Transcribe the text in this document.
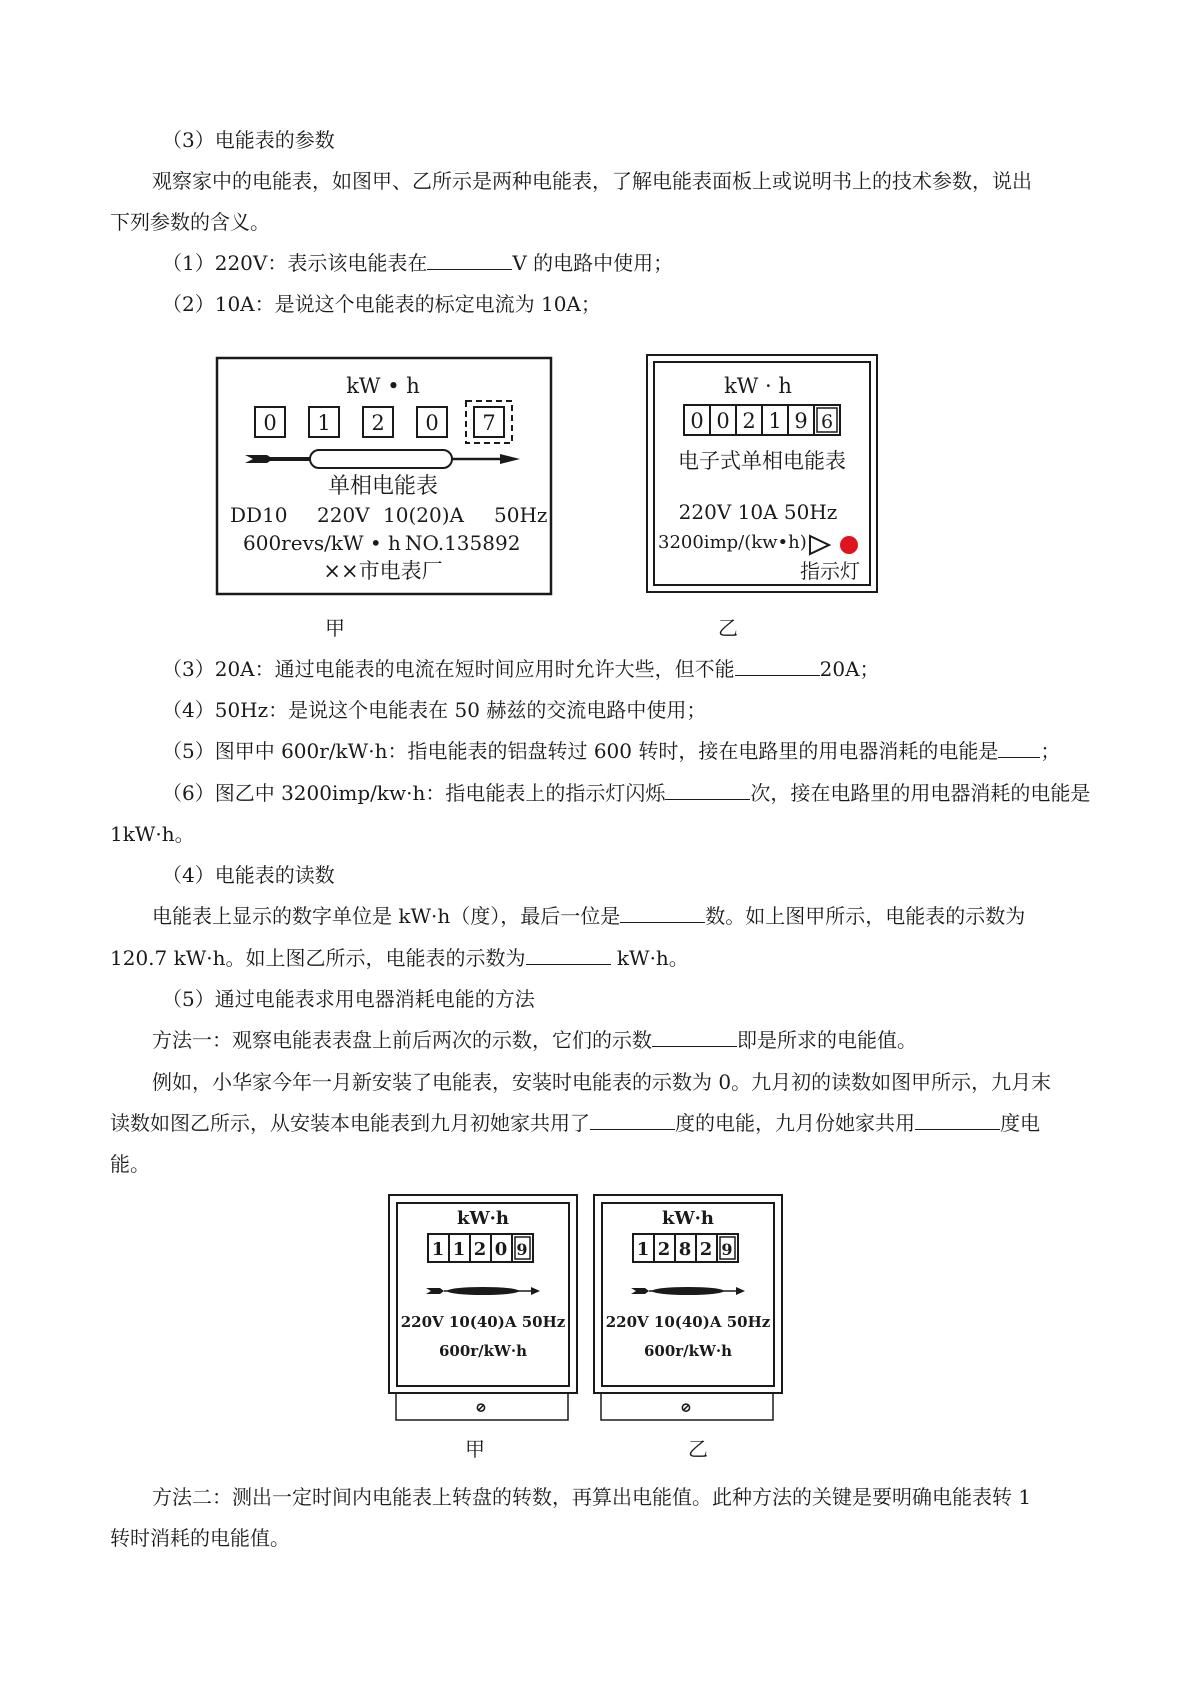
（3）电能表的参数
观察家中的电能表，如图甲、乙所示是两种电能表，了解电能表面板上或说明书上的技术参数，说出
下列参数的含义。
（1）220V：表示该电能表在	V 的电路中使用；
（2）10A：是说这个电能表的标定电流为 10A；
kW • h
0 1 2 0 7
单相电能表
DD10 220V 10(20)A 50Hz
600revs/kW • h NO.135892
××市电表厂
甲
kW · h
0 0 2 1 9 6
电子式单相电能表
220V 10A 50Hz
3200imp/(kw•h)
指示灯
乙
（3）20A：通过电能表的电流在短时间应用时允许大些，但不能	20A；
（4）50Hz：是说这个电能表在 50 赫兹的交流电路中使用；
（5）图甲中 600r/kW·h：指电能表的铝盘转过 600 转时，接在电路里的用电器消耗的电能是 ；
（6）图乙中 3200imp/kw·h：指电能表上的指示灯闪烁	次，接在电路里的用电器消耗的电能是
1kW·h。
（4）电能表的读数
电能表上显示的数字单位是 kW·h（度），最后一位是	数。如上图甲所示，电能表的示数为
120.7 kW·h。如上图乙所示，电能表的示数为	kW·h。
（5）通过电能表求用电器消耗电能的方法
方法一：观察电能表表盘上前后两次的示数，它们的示数	即是所求的电能值。
例如，小华家今年一月新安装了电能表，安装时电能表的示数为 0。九月初的读数如图甲所示，九月末
读数如图乙所示，从安装本电能表到九月初她家共用了	度的电能，九月份她家共用	度电
能。
kW·h
1 1 2 0 9
220V 10(40)A 50Hz
600r/kW·h
⊘
甲
kW·h
1 2 8 2 9
220V 10(40)A 50Hz
600r/kW·h
⊘
乙
方法二：测出一定时间内电能表上转盘的转数，再算出电能值。此种方法的关键是要明确电能表转 1
转时消耗的电能值。
